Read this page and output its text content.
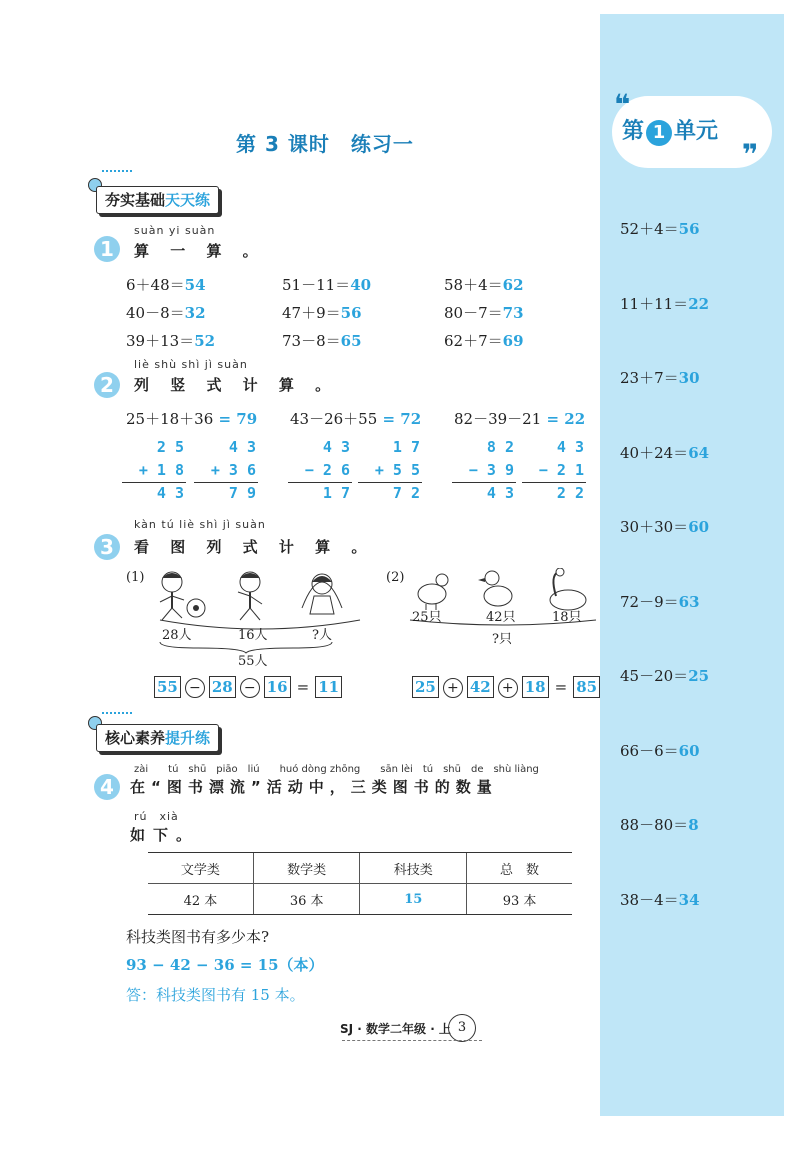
❝
❞
第 1 单元
52＋4＝56
11＋11＝22
23＋7＝30
40＋24＝64
30＋30＝60
72－9＝63
45－20＝25
66－6＝60
88－80＝8
38－4＝34
第 3 课时　练习一
夯实基础天天练
1
suàn yi suàn
算 一 算 。
6＋48＝54	51－11＝40	58＋4＝62
40－8＝32	47＋9＝56	80－7＝73
39＋13＝52	73－8＝65	62＋7＝69
2
liè shù shì jì suàn
列 竖 式 计 算 。
25＋18＋36 = 79 43－26＋55 = 72 82－39－21 = 22
2 5
+ 1 8
4 3
4 3
+ 3 6
7 9
4 3
− 2 6
1 7
1 7
+ 5 5
7 2
8 2
− 3 9
4 3
4 3
− 2 1
2 2
3
kàn tú liè shì jì suàn
看 图 列 式 计 算 。
(1)
28人	16人	?人
55人
55 − 28 − 16 = 11
(2)
25只	42只	18只
?只
25 + 42 + 18 = 85
核心素养提升练
4
zài　　tú　shū　piāo　liú　　huó dòng zhōng　　sān lèi　tú　shū　de　shù liàng
在“图书漂流”活动中，三类图书的数量
rú　xià
如下。
文学类	数学类	科技类	总　数
42 本	36 本	15	93 本
科技类图书有多少本?
93 − 42 − 36 = 15（本）
答：科技类图书有 15 本。
SJ · 数学二年级 · 上 3
